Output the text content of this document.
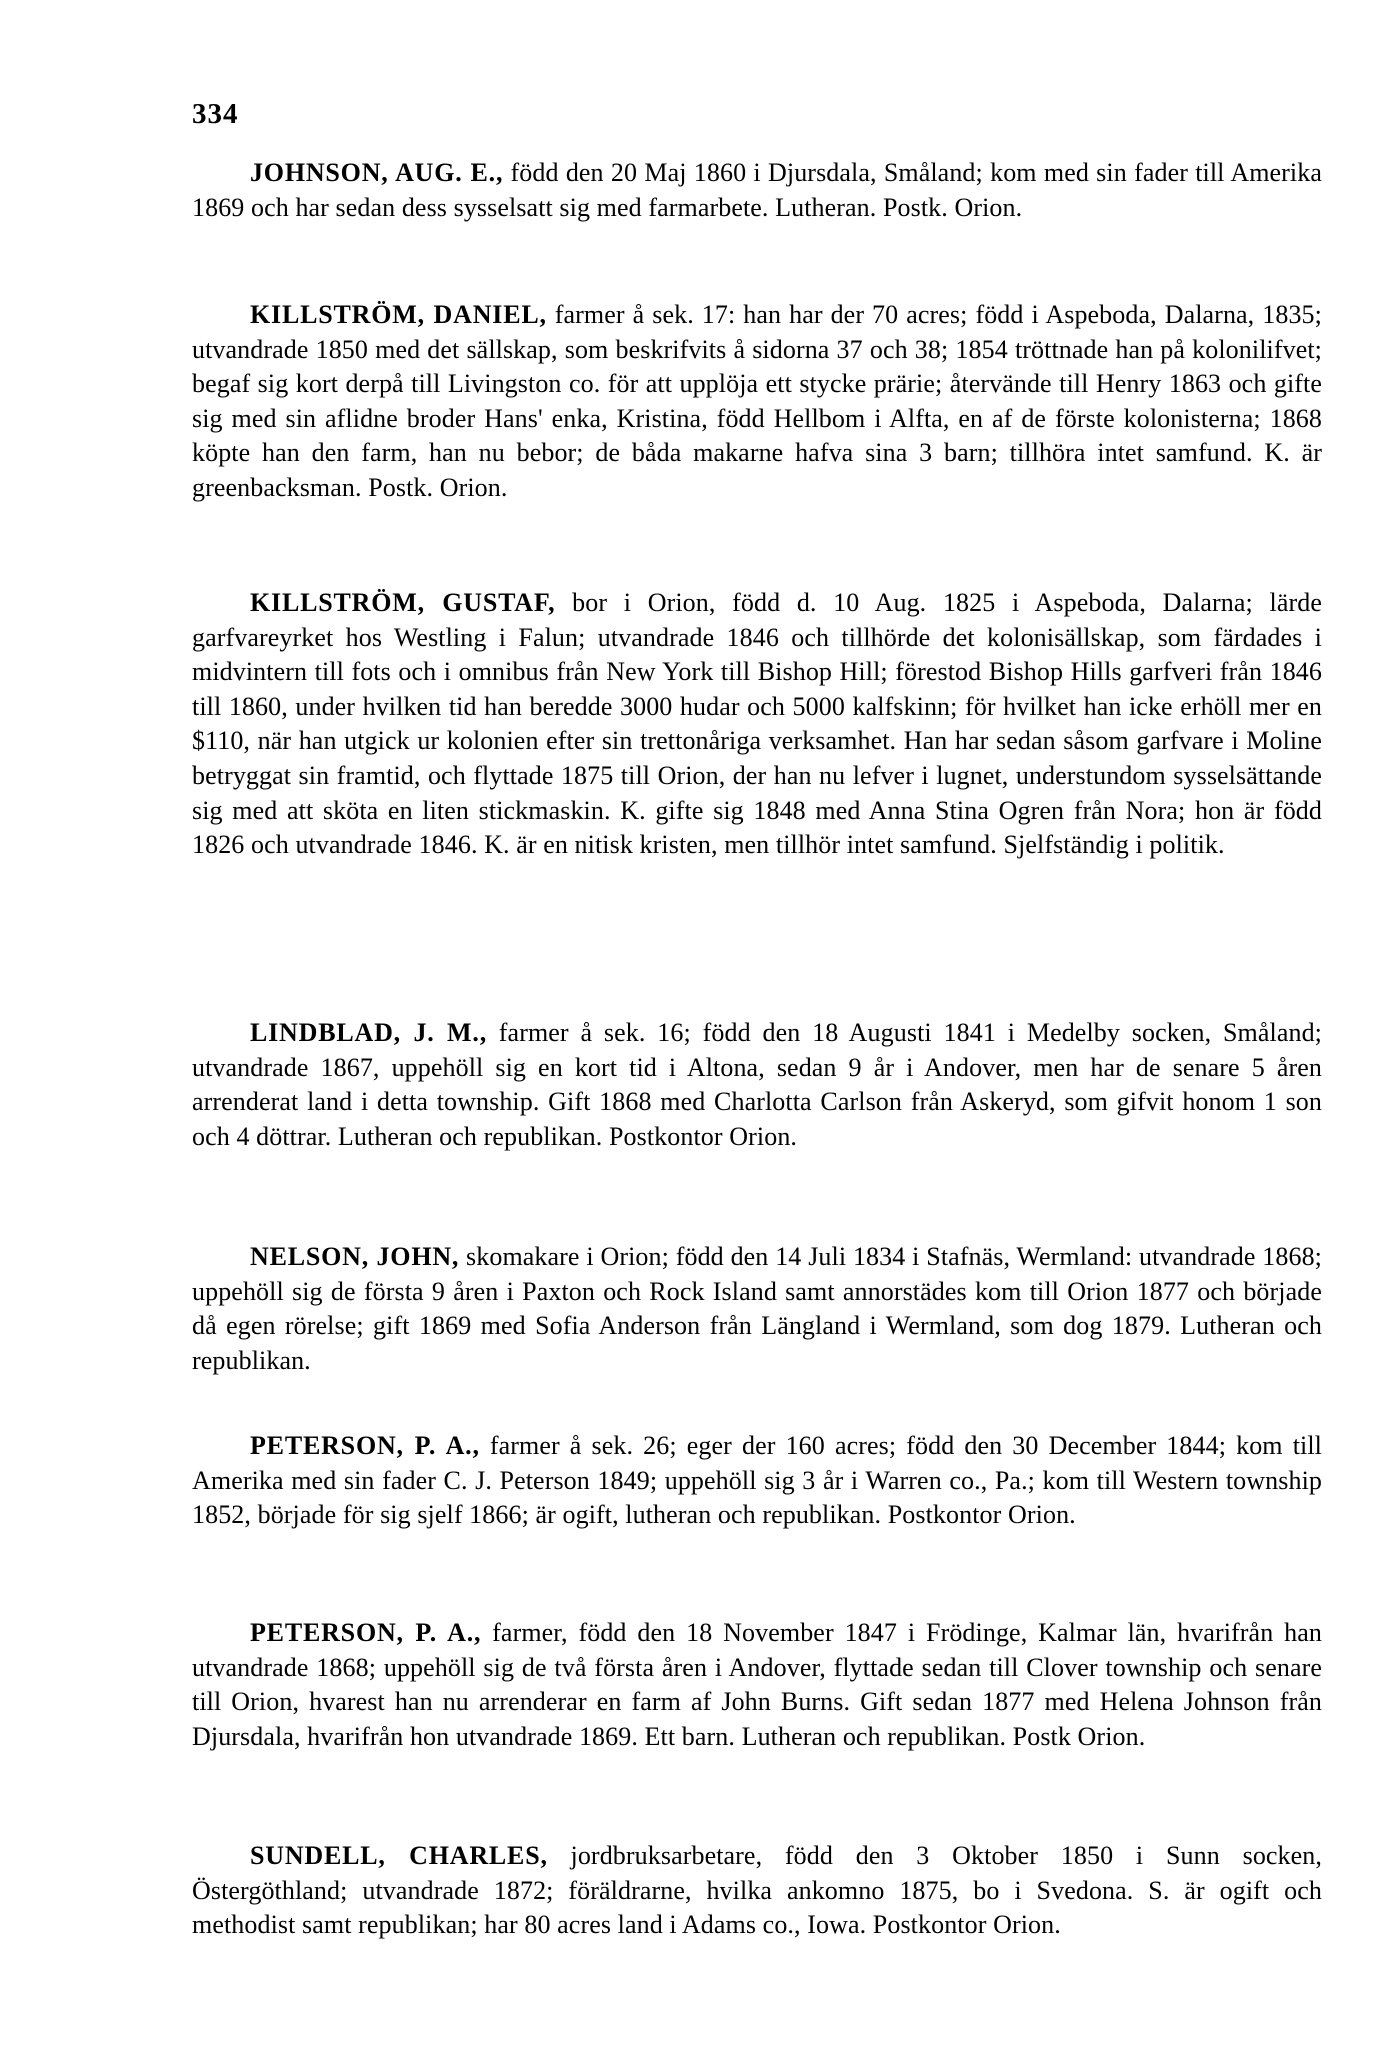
334

JOHNSON, AUG. E., född den 20 Maj 1860 i Djursdala, Småland; kom med sin fader till Amerika 1869 och har sedan dess sysselsatt sig med farmarbete. Lutheran. Postk. Orion.

KILLSTRÖM, DANIEL, farmer å sek. 17: han har der 70 acres; född i Aspeboda, Dalarna, 1835; utvandrade 1850 med det sällskap, som beskrifvits å sidorna 37 och 38; 1854 tröttnade han på kolonilifvet; begaf sig kort derpå till Livingston co. för att upplöja ett stycke prärie; återvände till Henry 1863 och gifte sig med sin aflidne broder Hans' enka, Kristina, född Hellbom i Alfta, en af de förste kolonisterna; 1868 köpte han den farm, han nu bebor; de båda makarne hafva sina 3 barn; tillhöra intet samfund. K. är greenbacksman. Postk. Orion.

KILLSTRÖM, GUSTAF, bor i Orion, född d. 10 Aug. 1825 i Aspeboda, Dalarna; lärde garfvareyrket hos Westling i Falun; utvandrade 1846 och tillhörde det kolonisällskap, som färdades i midvintern till fots och i omnibus från New York till Bishop Hill; förestod Bishop Hills garfveri från 1846 till 1860, under hvilken tid han beredde 3000 hudar och 5000 kalfskinn; för hvilket han icke erhöll mer en $110, när han utgick ur kolonien efter sin trettonåriga verksamhet. Han har sedan såsom garfvare i Moline betryggat sin framtid, och flyttade 1875 till Orion, der han nu lefver i lugnet, understundom sysselsättande sig med att sköta en liten stickmaskin. K. gifte sig 1848 med Anna Stina Ogren från Nora; hon är född 1826 och utvandrade 1846. K. är en nitisk kristen, men tillhör intet samfund. Sjelfständig i politik.

LINDBLAD, J. M., farmer å sek. 16; född den 18 Augusti 1841 i Medelby socken, Småland; utvandrade 1867, uppehöll sig en kort tid i Altona, sedan 9 år i Andover, men har de senare 5 åren arrenderat land i detta township. Gift 1868 med Charlotta Carlson från Askeryd, som gifvit honom 1 son och 4 döttrar. Lutheran och republikan. Postkontor Orion.

NELSON, JOHN, skomakare i Orion; född den 14 Juli 1834 i Stafnäs, Wermland: utvandrade 1868; uppehöll sig de första 9 åren i Paxton och Rock Island samt annorstädes kom till Orion 1877 och började då egen rörelse; gift 1869 med Sofia Anderson från Längland i Wermland, som dog 1879. Lutheran och republikan.

PETERSON, P. A., farmer å sek. 26; eger der 160 acres; född den 30 December 1844; kom till Amerika med sin fader C. J. Peterson 1849; uppehöll sig 3 år i Warren co., Pa.; kom till Western township 1852, började för sig sjelf 1866; är ogift, lutheran och republikan. Postkontor Orion.

PETERSON, P. A., farmer, född den 18 November 1847 i Frödinge, Kalmar län, hvarifrån han utvandrade 1868; uppehöll sig de två första åren i Andover, flyttade sedan till Clover township och senare till Orion, hvarest han nu arrenderar en farm af John Burns. Gift sedan 1877 med Helena Johnson från Djursdala, hvarifrån hon utvandrade 1869. Ett barn. Lutheran och republikan. Postk Orion.

SUNDELL, CHARLES, jordbruksarbetare, född den 3 Oktober 1850 i Sunn socken, Östergöthland; utvandrade 1872; föräldrarne, hvilka ankomno 1875, bo i Svedona. S. är ogift och methodist samt republikan; har 80 acres land i Adams co., Iowa. Postkontor Orion.
